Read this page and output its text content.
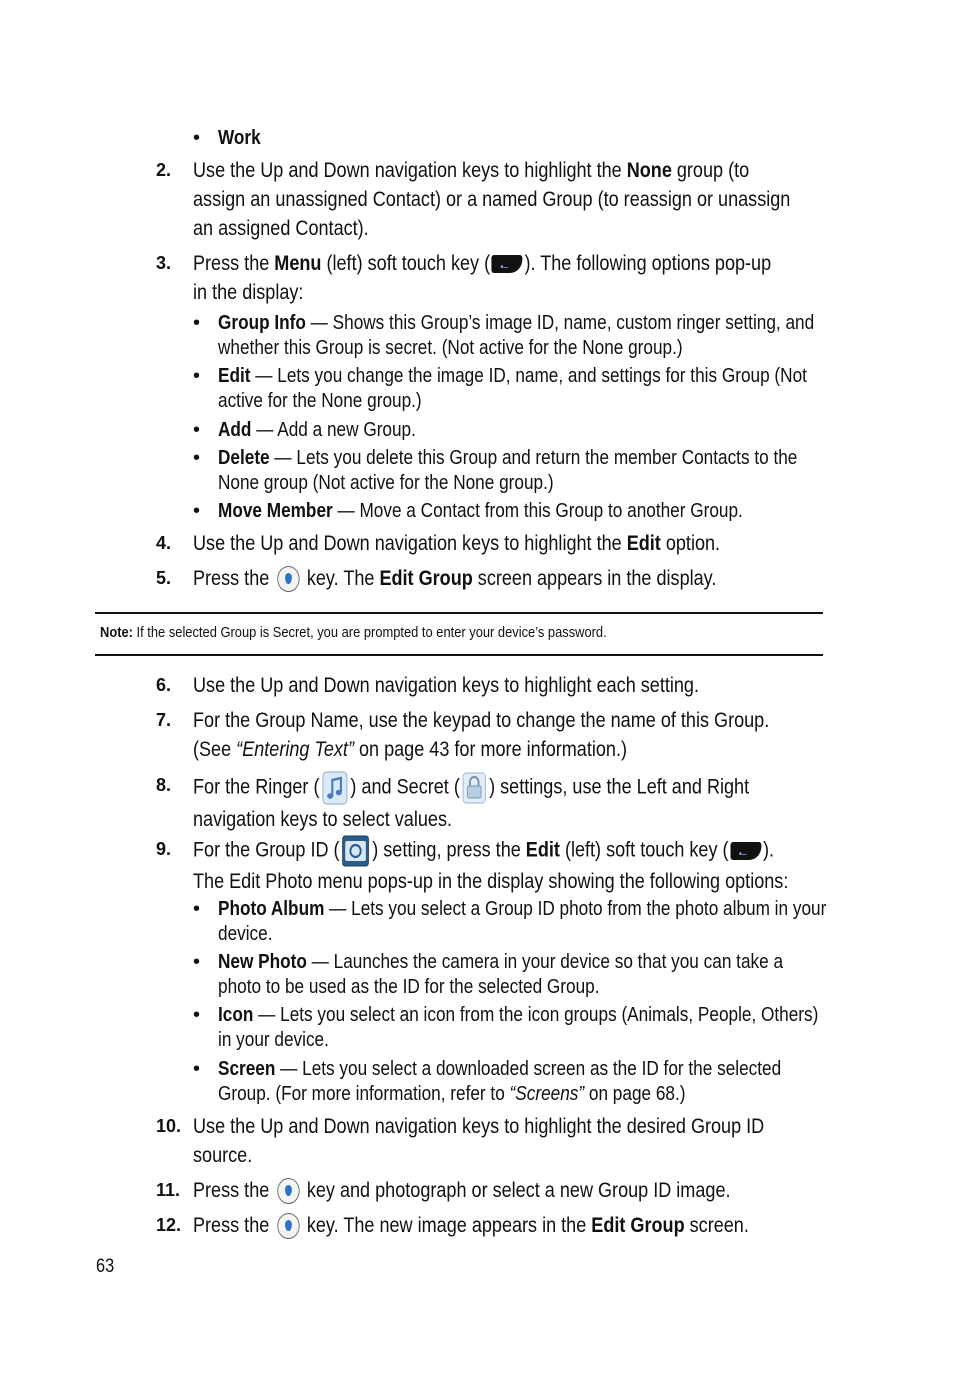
• Work
2. Use the Up and Down navigation keys to highlight the None group (to
assign an unassigned Contact) or a named Group (to reassign or unassign
an assigned Contact).
3. Press the Menu (left) soft touch key ( •– ). The following options pop-up
in the display:
• Group Info — Shows this Group’s image ID, name, custom ringer setting, and
whether this Group is secret. (Not active for the None group.)
• Edit — Lets you change the image ID, name, and settings for this Group (Not
active for the None group.)
• Add — Add a new Group.
• Delete — Lets you delete this Group and return the member Contacts to the
None group (Not active for the None group.)
• Move Member — Move a Contact from this Group to another Group.
4. Use the Up and Down navigation keys to highlight the Edit option.
5. Press the  key. The Edit Group screen appears in the display.
Note: If the selected Group is Secret, you are prompted to enter your device’s password.
6. Use the Up and Down navigation keys to highlight each setting.
7. For the Group Name, use the keypad to change the name of this Group.
(See “Entering Text” on page 43 for more information.)
8. For the Ringer ( ) and Secret ( ) settings, use the Left and Right
navigation keys to select values.
9. For the Group ID ( ) setting, press the Edit (left) soft touch key ( •– ).
The Edit Photo menu pops-up in the display showing the following options:
• Photo Album — Lets you select a Group ID photo from the photo album in your
device.
• New Photo — Launches the camera in your device so that you can take a
photo to be used as the ID for the selected Group.
• Icon — Lets you select an icon from the icon groups (Animals, People, Others)
in your device.
• Screen — Lets you select a downloaded screen as the ID for the selected
Group. (For more information, refer to “Screens” on page 68.)
10. Use the Up and Down navigation keys to highlight the desired Group ID
source.
11. Press the  key and photograph or select a new Group ID image.
12. Press the  key. The new image appears in the Edit Group screen.
63
